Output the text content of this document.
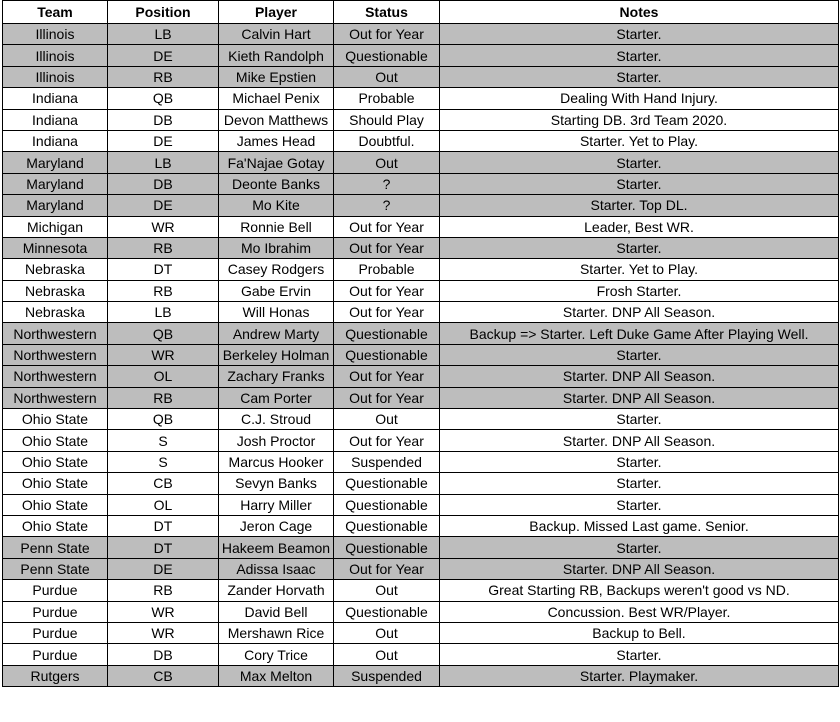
Team	Position	Player	Status	Notes
Illinois	LB	Calvin Hart	Out for Year	Starter.
Illinois	DE	Kieth Randolph	Questionable	Starter.
Illinois	RB	Mike Epstien	Out	Starter.
Indiana	QB	Michael Penix	Probable	Dealing With Hand Injury.
Indiana	DB	Devon Matthews	Should Play	Starting DB. 3rd Team 2020.
Indiana	DE	James Head	Doubtful.	Starter. Yet to Play.
Maryland	LB	Fa'Najae Gotay	Out	Starter.
Maryland	DB	Deonte Banks	?	Starter.
Maryland	DE	Mo Kite	?	Starter. Top DL.
Michigan	WR	Ronnie Bell	Out for Year	Leader, Best WR.
Minnesota	RB	Mo Ibrahim	Out for Year	Starter.
Nebraska	DT	Casey Rodgers	Probable	Starter. Yet to Play.
Nebraska	RB	Gabe Ervin	Out for Year	Frosh Starter.
Nebraska	LB	Will Honas	Out for Year	Starter. DNP All Season.
Northwestern	QB	Andrew Marty	Questionable	Backup => Starter. Left Duke Game After Playing Well.
Northwestern	WR	Berkeley Holman	Questionable	Starter.
Northwestern	OL	Zachary Franks	Out for Year	Starter. DNP All Season.
Northwestern	RB	Cam Porter	Out for Year	Starter. DNP All Season.
Ohio State	QB	C.J. Stroud	Out	Starter.
Ohio State	S	Josh Proctor	Out for Year	Starter. DNP All Season.
Ohio State	S	Marcus Hooker	Suspended	Starter.
Ohio State	CB	Sevyn Banks	Questionable	Starter.
Ohio State	OL	Harry Miller	Questionable	Starter.
Ohio State	DT	Jeron Cage	Questionable	Backup. Missed Last game. Senior.
Penn State	DT	Hakeem Beamon	Questionable	Starter.
Penn State	DE	Adissa Isaac	Out for Year	Starter. DNP All Season.
Purdue	RB	Zander Horvath	Out	Great Starting RB, Backups weren't good vs ND.
Purdue	WR	David Bell	Questionable	Concussion. Best WR/Player.
Purdue	WR	Mershawn Rice	Out	Backup to Bell.
Purdue	DB	Cory Trice	Out	Starter.
Rutgers	CB	Max Melton	Suspended	Starter. Playmaker.
